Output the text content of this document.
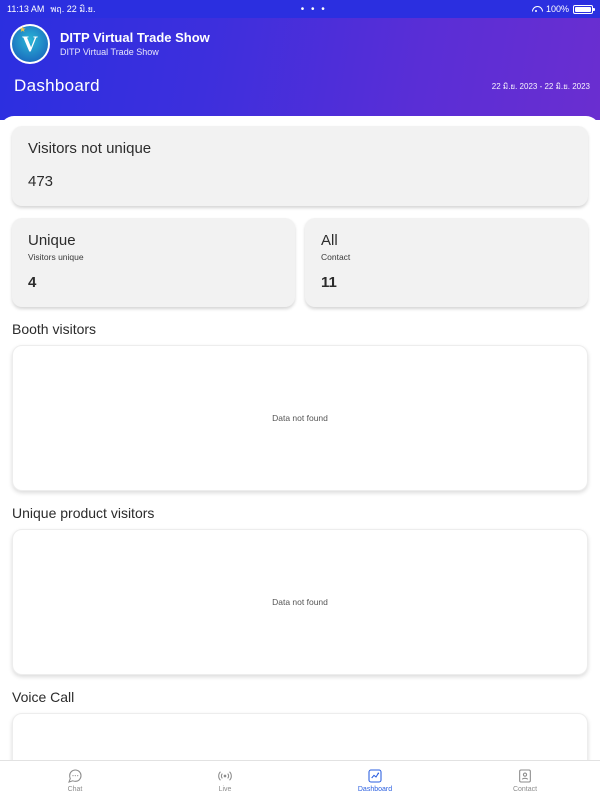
11:13 AM พฤ. 22 มิ.ย.	• • •	100%
★
V DITP Virtual Trade Show
DITP Virtual Trade Show
Dashboard	22 มิ.ย. 2023 - 22 มิ.ย. 2023
Visitors not unique
473
Unique
Visitors unique
4
All
Contact
11
Booth visitors
Data not found
Unique product visitors
Data not found
Voice Call
Chat	Live	Dashboard	Contact
